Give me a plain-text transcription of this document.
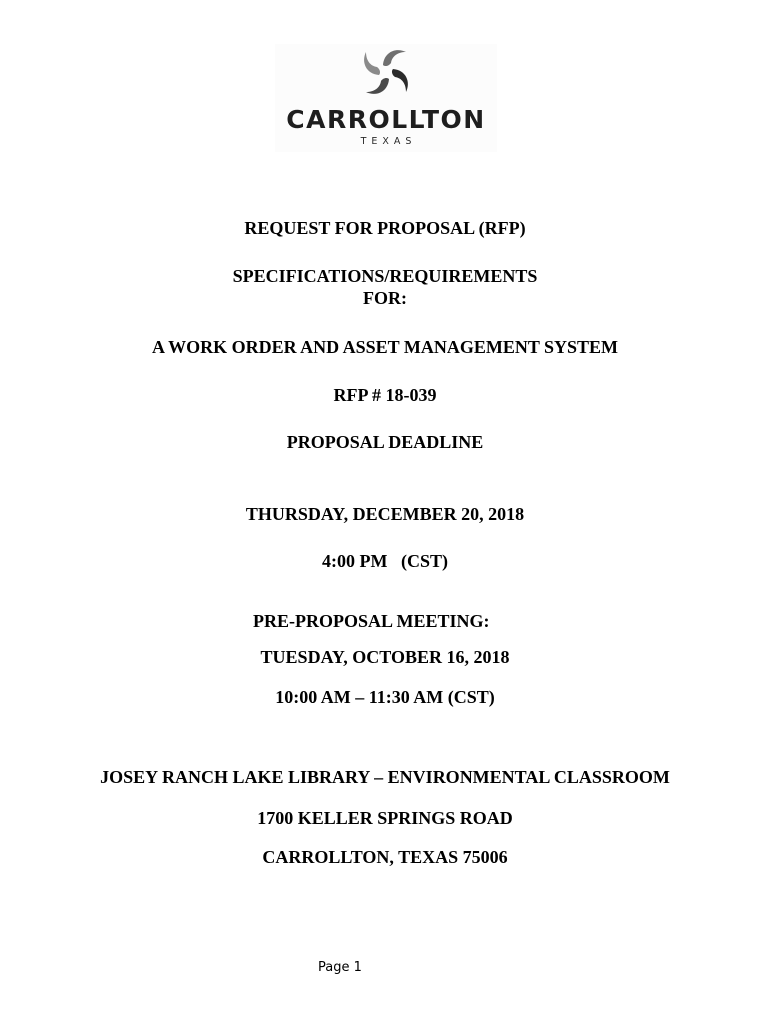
CARROLLTON
TEXAS
REQUEST FOR PROPOSAL (RFP)
SPECIFICATIONS/REQUIREMENTS
FOR:
A WORK ORDER AND ASSET MANAGEMENT SYSTEM
RFP # 18-039
PROPOSAL DEADLINE
THURSDAY, DECEMBER 20, 2018
4:00 PM   (CST)
PRE-PROPOSAL MEETING:
TUESDAY, OCTOBER 16, 2018
10:00 AM – 11:30 AM (CST)
JOSEY RANCH LAKE LIBRARY – ENVIRONMENTAL CLASSROOM
1700 KELLER SPRINGS ROAD
CARROLLTON, TEXAS 75006
Page 1
